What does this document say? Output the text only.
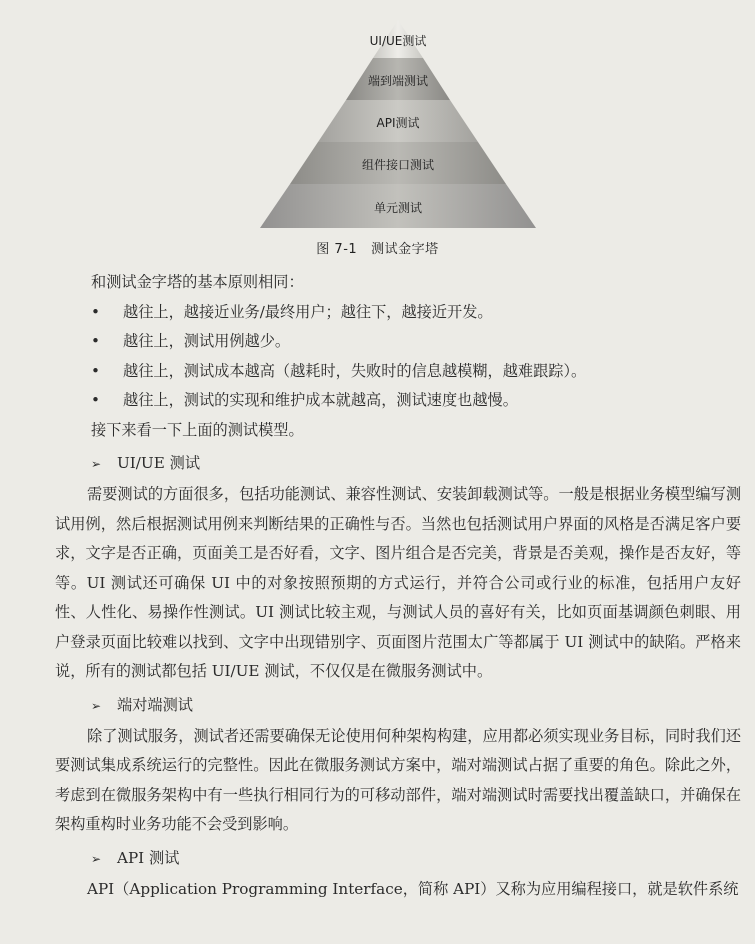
UI/UE测试
端到端测试
API测试
组件接口测试
单元测试
图 7-1 测试金字塔

和测试金字塔的基本原则相同：

• 越往上，越接近业务/最终用户；越往下，越接近开发。
• 越往上，测试用例越少。
• 越往上，测试成本越高（越耗时，失败时的信息越模糊，越难跟踪）。
• 越往上，测试的实现和维护成本就越高，测试速度也越慢。

接下来看一下上面的测试模型。

➢ UI/UE 测试

需要测试的方面很多，包括功能测试、兼容性测试、安装卸载测试等。一般是根据业务模型编写测试用例，然后根据测试用例来判断结果的正确性与否。当然也包括测试用户界面的风格是否满足客户要求，文字是否正确，页面美工是否好看，文字、图片组合是否完美，背景是否美观，操作是否友好，等等。UI 测试还可确保 UI 中的对象按照预期的方式运行，并符合公司或行业的标准，包括用户友好性、人性化、易操作性测试。UI 测试比较主观，与测试人员的喜好有关，比如页面基调颜色刺眼、用户登录页面比较难以找到、文字中出现错别字、页面图片范围太广等都属于 UI 测试中的缺陷。严格来说，所有的测试都包括 UI/UE 测试，不仅仅是在微服务测试中。

➢ 端对端测试

除了测试服务，测试者还需要确保无论使用何种架构构建，应用都必须实现业务目标，同时我们还要测试集成系统运行的完整性。因此在微服务测试方案中，端对端测试占据了重要的角色。除此之外，考虑到在微服务架构中有一些执行相同行为的可移动部件，端对端测试时需要找出覆盖缺口，并确保在架构重构时业务功能不会受到影响。

➢ API 测试

API（Application Programming Interface，简称 API）又称为应用编程接口，就是软件系统
